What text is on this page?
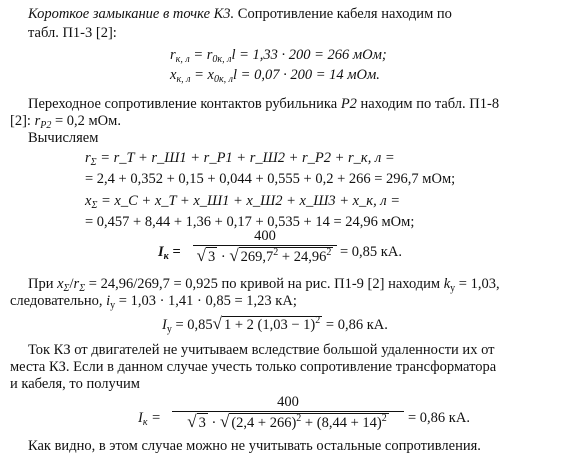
Короткое замыкание в точке К3. Сопротивление кабеля находим по
табл. П1-3 [2]:
$r_{к, л} = r_{0к, л}l = 1,33 \cdot 200 = 266$ мОм;
$x_{к, л} = x_{0к, л}l = 0,07 \cdot 200 = 14$ мОм.
Переходное сопротивление контактов рубильника P2 находим по табл. П1-8
[2]: $r_{P2} = 0,2$ мОм.
Вычисляем
$r_\Sigma$ = r_T + r_Ш1 + r_P1 + r_Ш2 + r_P2 + r_к, л =
= 2,4 + 0,352 + 0,15 + 0,044 + 0,555 + 0,2 + 266 = 296,7 мОм;
$x_\Sigma$ = x_C + x_T + x_Ш1 + x_Ш2 + x_Ш3 + x_к, л =
= 0,457 + 8,44 + 1,36 + 0,17 + 0,535 + 14 = 24,96 мОм;
$I_к$ =
400
√ 3 · √ $269,7^2 + 24,96^2 = 0,85$ кА.
При $x_\Sigma/r_\Sigma = 24,96/269,7 = 0,925$ по кривой на рис. П1-9 [2] находим $k_у = 1,03$,
следовательно, $i_у = 1,03 \cdot 1,41 \cdot 0,85 = 1,23$ кА;
$I_у = 0,85√$ 1 + 2 $(1,03 - 1)^2 = 0,86$ кА.
Ток КЗ от двигателей не учитываем вследствие большой удаленности их от
места КЗ. Если в данном случае учесть только сопротивление трансформатора
и кабеля, то получим
$I_к$ =
400
√ 3 · √ $(2,4 + 266)^2 + (8,44 + 14)^2$	= 0,86 кА.
Как видно, в этом случае можно не учитывать остальные сопротивления.
